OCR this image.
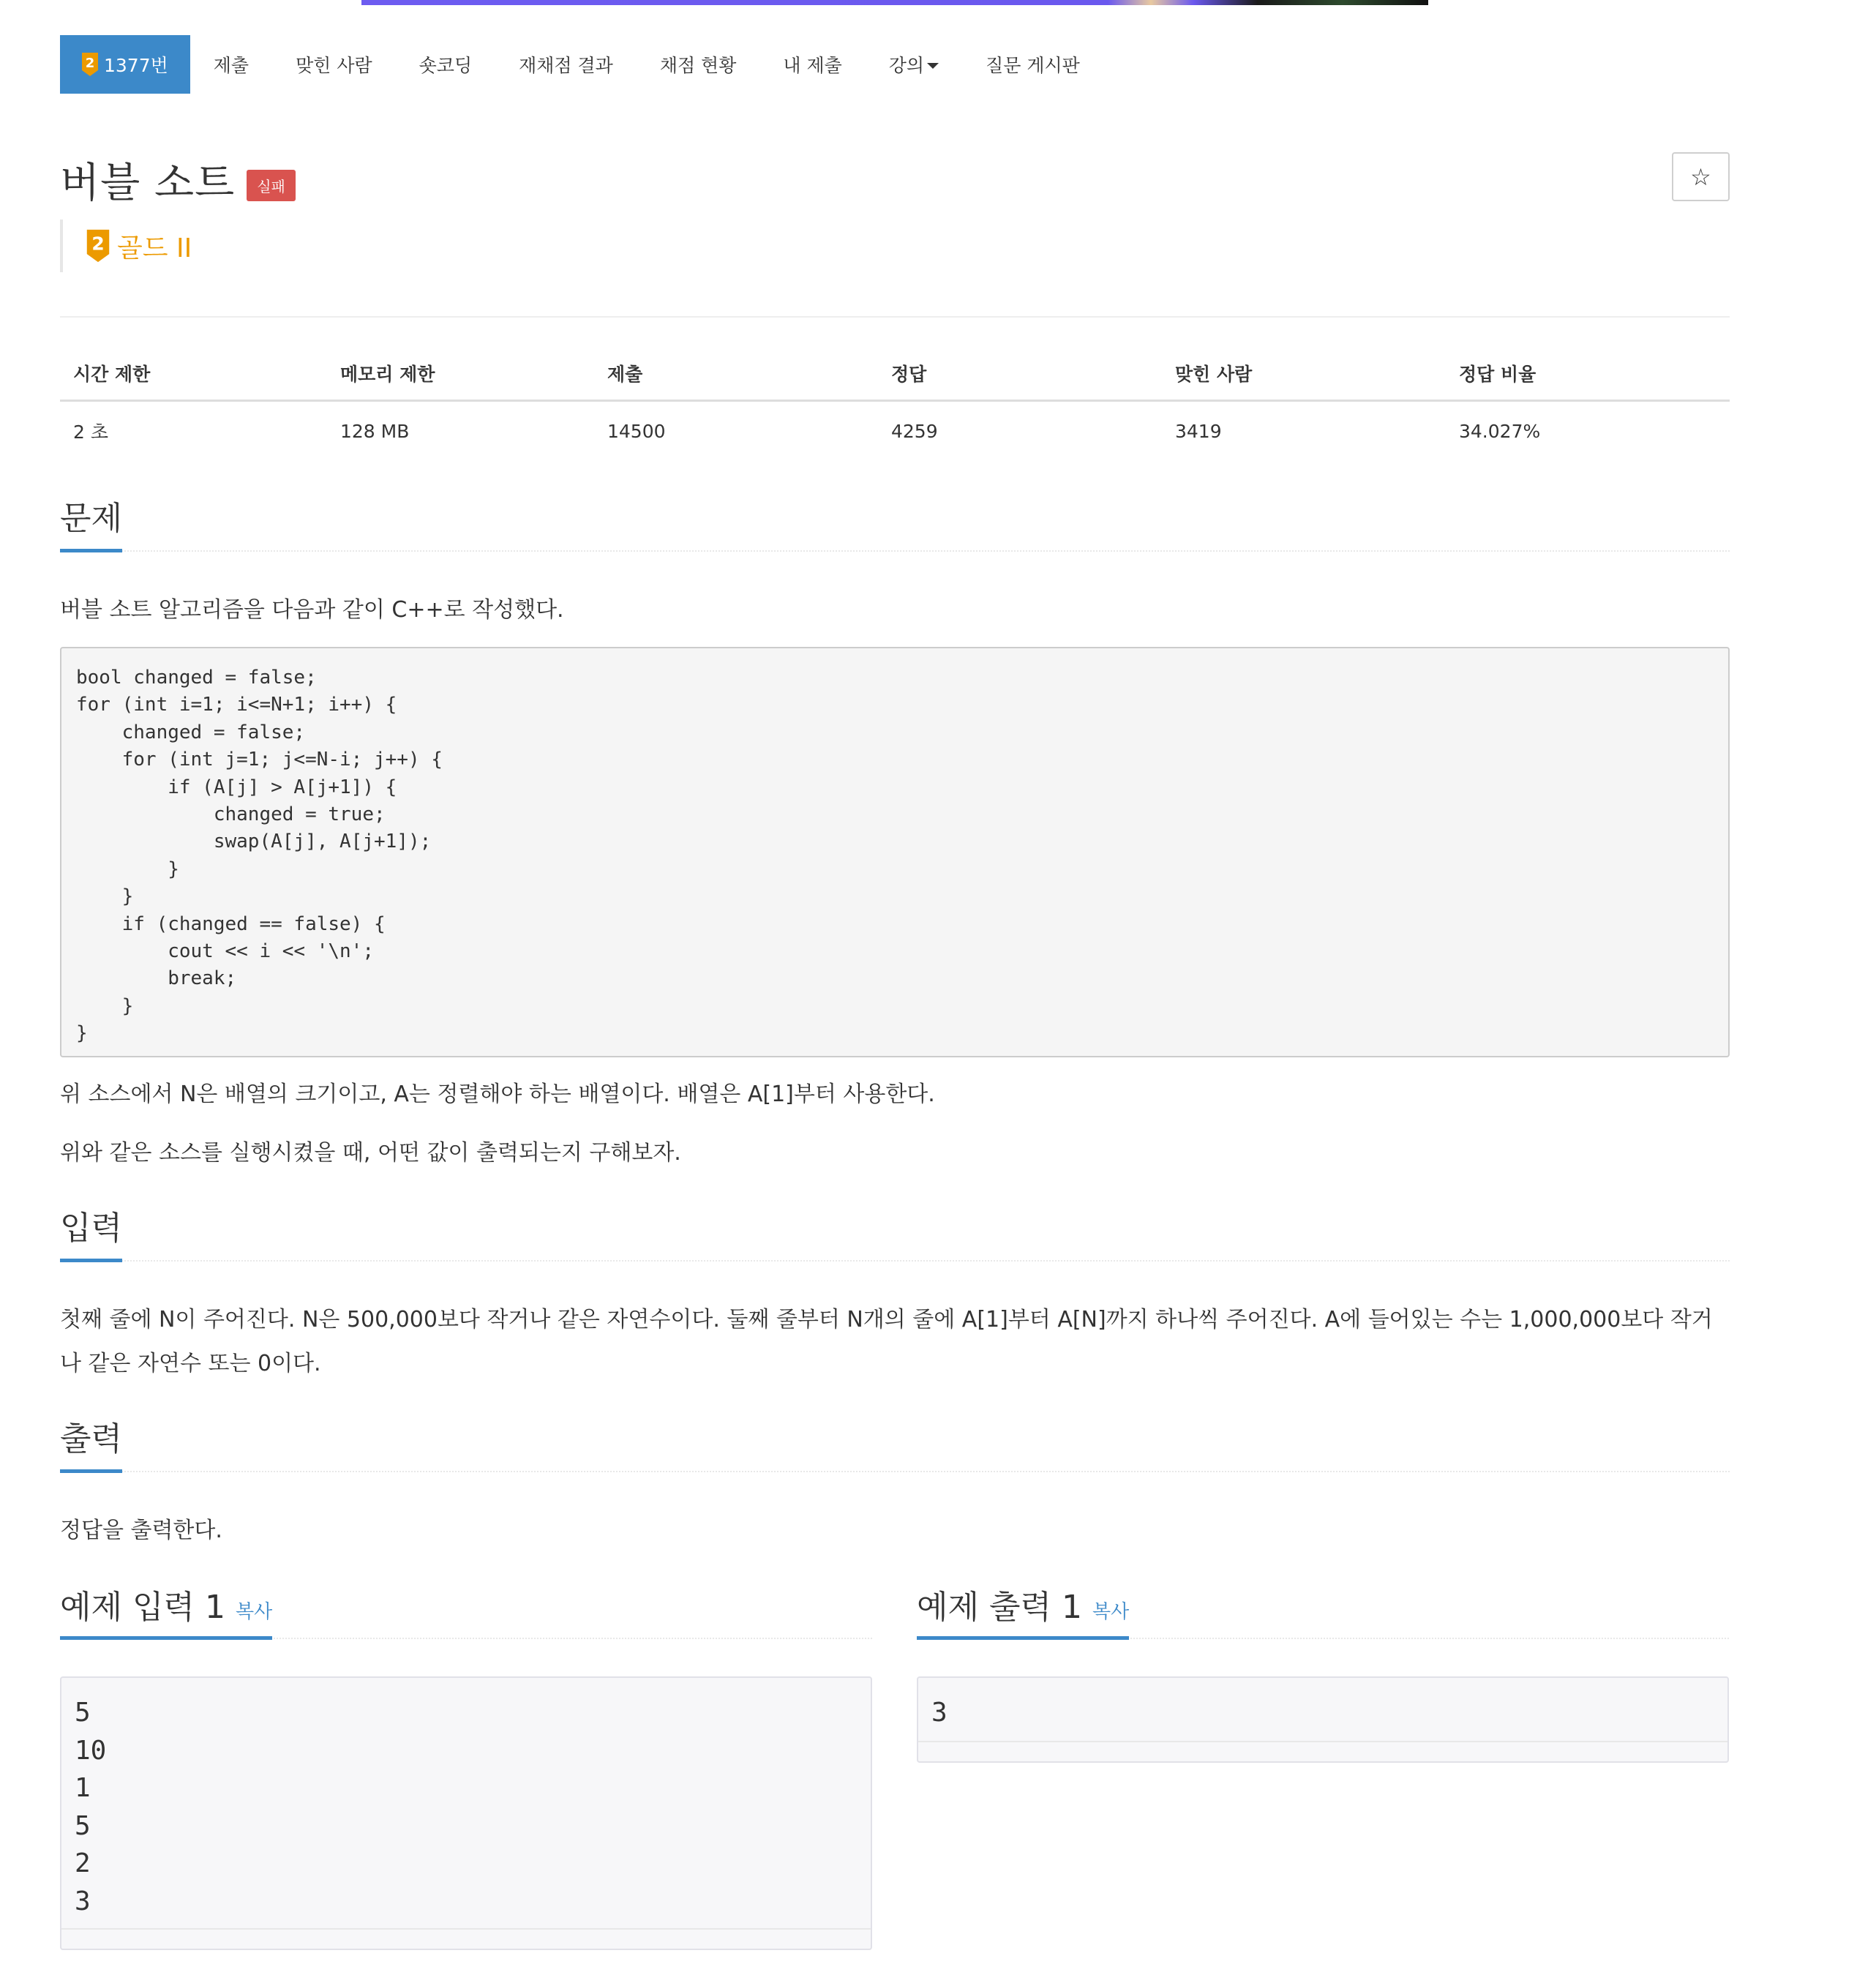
2 1377번	제출	맞힌 사람	숏코딩	재채점 결과	채점 현황	내 제출	강의	질문 게시판
버블 소트	실패	☆
2 골드 II
시간 제한	메모리 제한	제출	정답	맞힌 사람	정답 비율
2 초	128 MB	14500	4259	3419	34.027%
문제
버블 소트 알고리즘을 다음과 같이 C++로 작성했다.
bool changed = false;
for (int i=1; i<=N+1; i++) {
changed = false;
for (int j=1; j<=N-i; j++) {
if (A[j] > A[j+1]) {
changed = true;
swap(A[j], A[j+1]);
}
}
if (changed == false) {
cout << i << '\n';
break;
}
}
위 소스에서 N은 배열의 크기이고, A는 정렬해야 하는 배열이다. 배열은 A[1]부터 사용한다.
위와 같은 소스를 실행시켰을 때, 어떤 값이 출력되는지 구해보자.
입력
첫째 줄에 N이 주어진다. N은 500,000보다 작거나 같은 자연수이다. 둘째 줄부터 N개의 줄에 A[1]부터 A[N]까지 하나씩 주어진다. A에 들어있는 수는 1,000,000보다 작거나 같은 자연수 또는 0이다.
출력
정답을 출력한다.
예제 입력 1 복사
5
10
1
5
2
3
예제 출력 1 복사
3
